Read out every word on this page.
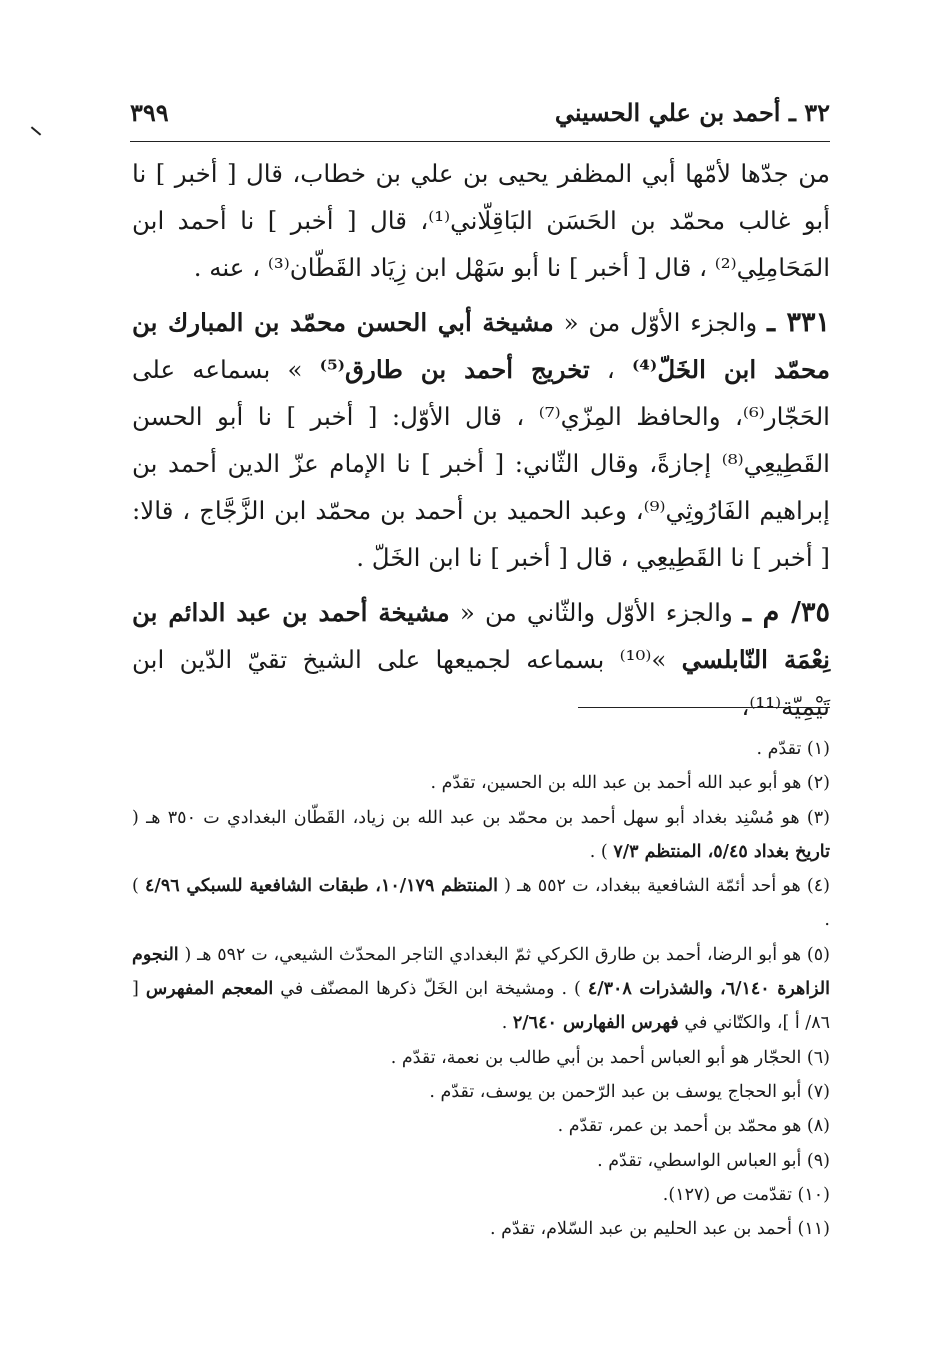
٣٢ ـ أحمد بن علي الحسيني
٣٩٩

من جدّها لأمّها أبي المظفر يحيى بن علي بن خطاب، قال [ أخبر ] نا أبو غالب محمّد بن الحَسَن البَاقِلّاني⁽¹⁾، قال [ أخبر ] نا أحمد ابن المَحَامِلِي⁽²⁾ ، قال [ أخبر ] نا أبو سَهْل ابن زِيَاد القَطّان⁽³⁾ ، عنه .

٣٣١ ـ والجزء الأوّل من « مشيخة أبي الحسن محمّد بن المبارك بن محمّد ابن الخَلّ⁽⁴⁾ ، تخريج أحمد بن طارق⁽⁵⁾ » بسماعه على الحَجّار⁽⁶⁾، والحافظ المِزّي⁽⁷⁾ ، قال الأوّل: [ أخبر ] نا أبو الحسن القَطِيعِي⁽⁸⁾ إجازةً، وقال الثّاني: [ أخبر ] نا الإمام عزّ الدين أحمد بن إبراهيم الفَارُوثِي⁽⁹⁾، وعبد الحميد بن أحمد بن محمّد ابن الزَّجَّاج ، قالا: [ أخبر ] نا القَطِيعِي ، قال [ أخبر ] نا ابن الخَلّ .

٣٥/ م ـ والجزء الأوّل والثّاني من « مشيخة أحمد بن عبد الدائم بن نِعْمَة النّابلسي »⁽¹⁰⁾ بسماعه لجميعها على الشيخ تقيّ الدّين ابن تَيْمِيّة⁽¹¹⁾،

(١) تقدّم .

(٢) هو أبو عبد الله أحمد بن عبد الله بن الحسين، تقدّم .

(٣) هو مُسْنِد بغداد أبو سهل أحمد بن محمّد بن عبد الله بن زياد، القَطّان البغدادي ت ٣٥٠ هـ ( تاريخ بغداد ٥/٤٥، المنتظم ٧/٣ ) .

(٤) هو أحد أئمّة الشافعية ببغداد، ت ٥٥٢ هـ ( المنتظم ١٠/١٧٩، طبقات الشافعية للسبكي ٤/٩٦ ) .

(٥) هو أبو الرضا، أحمد بن طارق الكركي ثمّ البغدادي التاجر المحدّث الشيعي، ت ٥٩٢ هـ ( النجوم الزاهرة ٦/١٤٠، والشذرات ٤/٣٠٨ ) . ومشيخة ابن الخَلّ ذكرها المصنّف في المعجم المفهرس [ ٨٦/ أ ]، والكتّاني في فهرس الفهارس ٢/٦٤٠ .

(٦) الحجّار هو أبو العباس أحمد بن أبي طالب بن نعمة، تقدّم .

(٧) أبو الحجاج يوسف بن عبد الرّحمن بن يوسف، تقدّم .

(٨) هو محمّد بن أحمد بن عمر، تقدّم .

(٩) أبو العباس الواسطي، تقدّم .

(١٠) تقدّمت ص (١٢٧).

(١١) أحمد بن عبد الحليم بن عبد السّلام، تقدّم .
